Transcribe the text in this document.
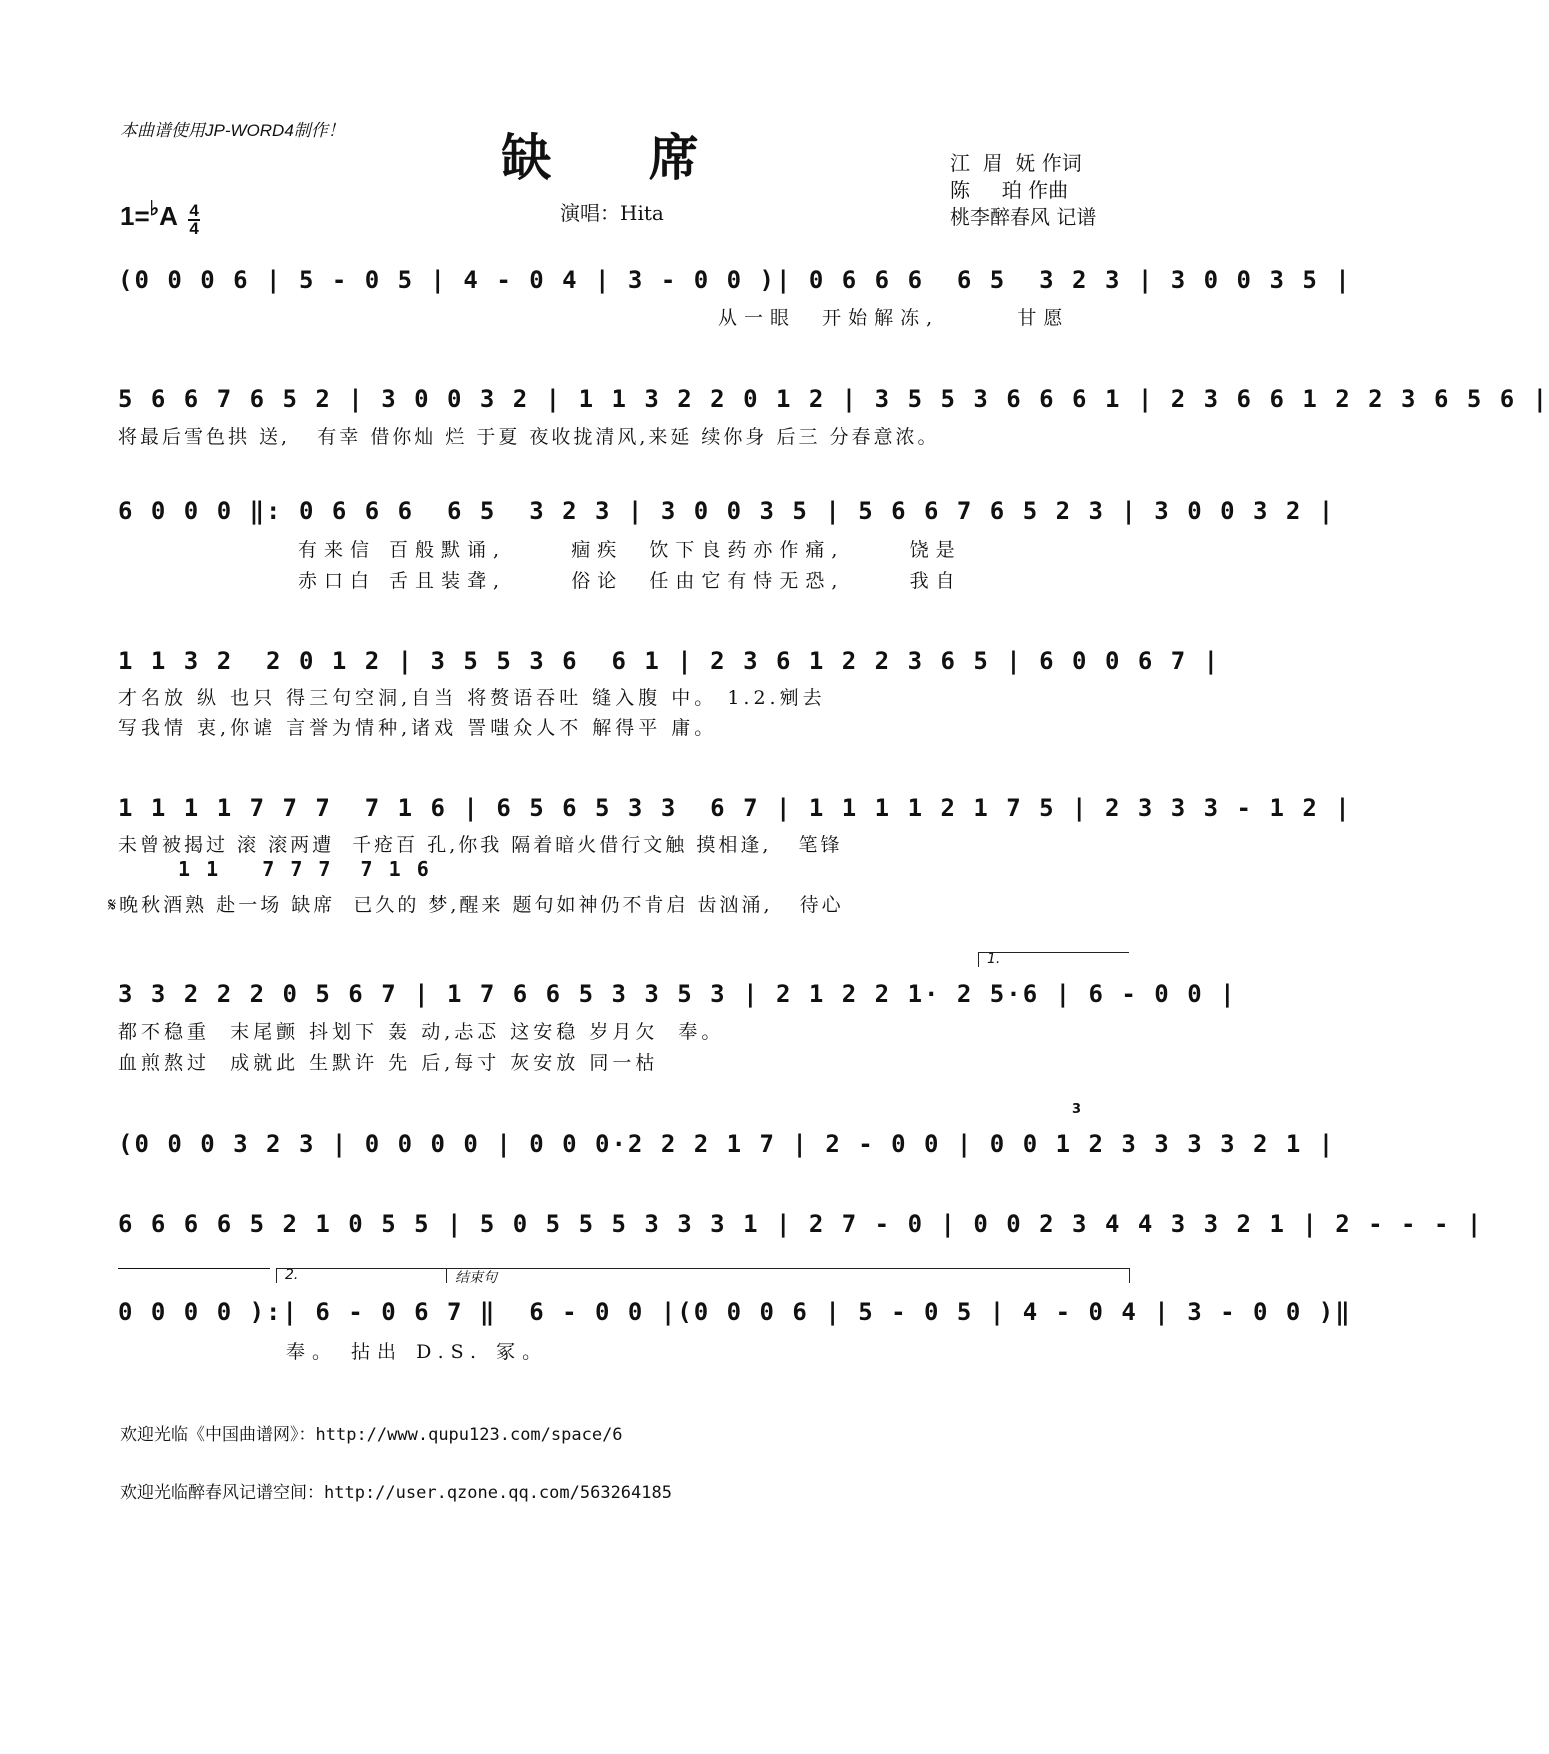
本曲谱使用JP-WORD4制作！	缺 席	江  眉  妩 作词
陈     珀 作曲
桃李醉春风 记谱
$1=^♭A \frac{4}{4}$	演唱：Hita
(0 0 0 6 | 5 - 0 5 | 4 - 0 4 | 3 - 0 0 )| 0 6 6 6  6 5  3 2 3 | 3 0 0 3 5 |
从一眼  开始解冻,      甘愿
5 6 6 7 6 5 2 | 3 0 0 3 2 | 1 1 3 2 2 0 1 2 | 3 5 5 3 6 6 6 1 | 2 3 6 6 1 2 2 3 6 5 6 |
将最后雪色拱 送,   有幸 借你灿 烂 于夏 夜收拢清风,来延 续你身 后三 分春意浓。
6 0 0 0 ‖: 0 6 6 6  6 5  3 2 3 | 3 0 0 3 5 | 5 6 6 7 6 5 2 3 | 3 0 0 3 2 |
有来信 百般默诵,     痼疾  饮下良药亦作痛,     饶是
赤口白 舌且装聋,     俗论  任由它有恃无恐,     我自
1 1 3 2  2 0 1 2 | 3 5 5 3 6  6 1 | 2 3 6 1 2 2 3 6 5 | 6 0 0 6 7 |
才名放 纵 也只 得三句空洞,自当 将赘语吞吐 缝入腹 中。 1.2.剜去
写我情 衷,你谑 言誉为情种,诸戏 詈嗤众人不 解得平 庸。
1 1 1 1 7 7 7  7 1 6 | 6 5 6 5 3 3  6 7 | 1 1 1 1 2 1 7 5 | 2 3 3 3 - 1 2 |
未曾被揭过 滚 滚两遭  千疮百 孔,你我 隔着暗火借行文触 摸相逢,   笔锋
1 1   7 7 7  7 1 6
𝄋晚秋酒熟 赴一场 缺席  已久的 梦,醒来 题句如神仍不肯启 齿汹涌,   待心
1.
3 3 2 2 2 0 5 6 7 | 1 7 6 6 5 3 3 5 3 | 2 1 2 2 1· 2 5·6 | 6 - 0 0 |
都不稳重  末尾颤 抖划下 轰 动,忐忑 这安稳 岁月欠  奉。
血煎熬过  成就此 生默许 先 后,每寸 灰安放 同一枯
3
(0 0 0 3 2 3 | 0 0 0 0 | 0 0 0·2 2 2 1 7 | 2 - 0 0 | 0 0 1 2 3 3 3 3 2 1 |
6 6 6 6 5 2 1 0 5 5 | 5 0 5 5 5 3 3 3 1 | 2 7 - 0 | 0 0 2 3 4 4 3 3 2 1 | 2 - - - |
2.	结束句
0 0 0 0 ):| 6 - 0 6 7 ‖  6 - 0 0 |(0 0 0 6 | 5 - 0 5 | 4 - 0 4 | 3 - 0 0 )‖
奉。 拈出 D.S. 冢。
欢迎光临《中国曲谱网》：http://www.qupu123.com/space/6
欢迎光临醉春风记谱空间：http://user.qzone.qq.com/563264185
